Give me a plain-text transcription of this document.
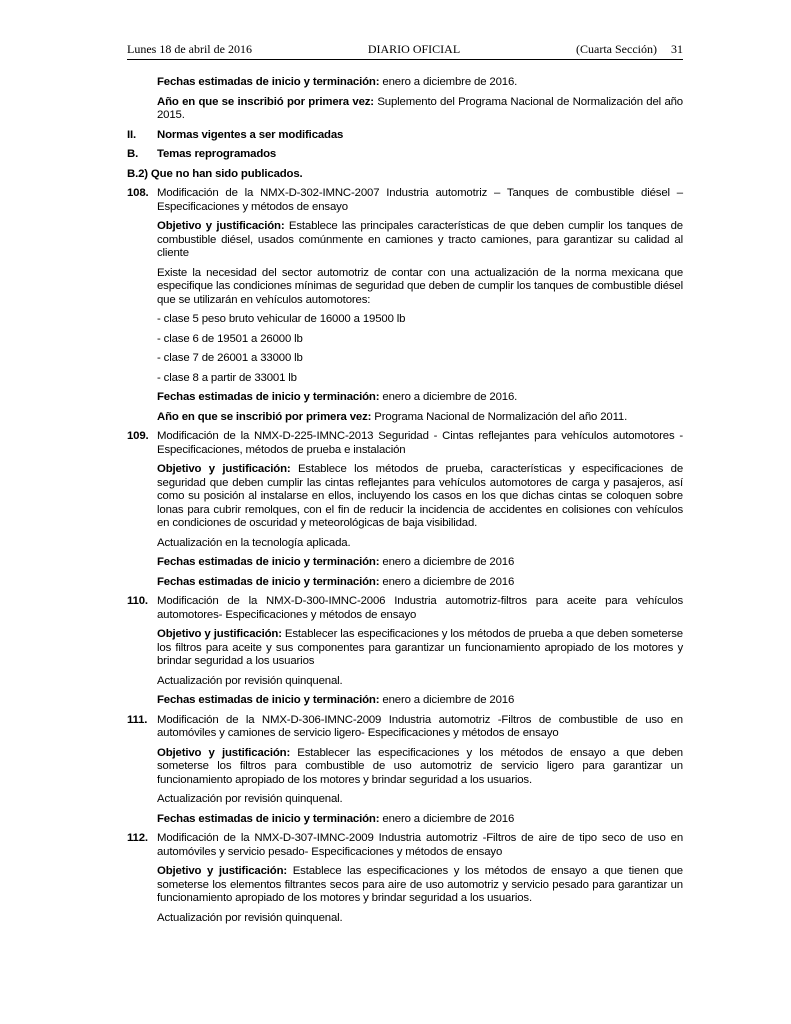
Lunes 18 de abril de 2016	DIARIO OFICIAL	(Cuarta Sección) 31

Fechas estimadas de inicio y terminación: enero a diciembre de 2016.

Año en que se inscribió por primera vez: Suplemento del Programa Nacional de Normalización del año 2015.

II.	Normas vigentes a ser modificadas
B.	Temas reprogramados

B.2) Que no han sido publicados.

108. Modificación de la NMX-D-302-IMNC-2007 Industria automotriz – Tanques de combustible diésel – Especificaciones y métodos de ensayo

Objetivo y justificación: Establece las principales características de que deben cumplir los tanques de combustible diésel, usados comúnmente en camiones y tracto camiones, para garantizar su calidad al cliente

Existe la necesidad del sector automotriz de contar con una actualización de la norma mexicana que especifique las condiciones mínimas de seguridad que deben de cumplir los tanques de combustible diésel que se utilizarán en vehículos automotores:

- clase 5 peso bruto vehicular de 16000 a 19500 lb

- clase 6 de 19501 a 26000 lb

- clase 7 de 26001 a 33000 lb

- clase 8 a partir de 33001 lb

Fechas estimadas de inicio y terminación: enero a diciembre de 2016.

Año en que se inscribió por primera vez: Programa Nacional de Normalización del año 2011.

109. Modificación de la NMX-D-225-IMNC-2013 Seguridad - Cintas reflejantes para vehículos automotores - Especificaciones, métodos de prueba e instalación

Objetivo y justificación: Establece los métodos de prueba, características y especificaciones de seguridad que deben cumplir las cintas reflejantes para vehículos automotores de carga y pasajeros, así como su posición al instalarse en ellos, incluyendo los casos en los que dichas cintas se coloquen sobre lonas para cubrir remolques, con el fin de reducir la incidencia de accidentes en colisiones con vehículos en condiciones de oscuridad y meteorológicas de baja visibilidad.

Actualización en la tecnología aplicada.

Fechas estimadas de inicio y terminación: enero a diciembre de 2016

Fechas estimadas de inicio y terminación: enero a diciembre de 2016

110. Modificación de la NMX-D-300-IMNC-2006 Industria automotriz-filtros para aceite para vehículos automotores- Especificaciones y métodos de ensayo

Objetivo y justificación: Establecer las especificaciones y los métodos de prueba a que deben someterse los filtros para aceite y sus componentes para garantizar un funcionamiento apropiado de los motores y brindar seguridad a los usuarios

Actualización por revisión quinquenal.

Fechas estimadas de inicio y terminación: enero a diciembre de 2016

111. Modificación de la NMX-D-306-IMNC-2009 Industria automotriz -Filtros de combustible de uso en automóviles y camiones de servicio ligero- Especificaciones y métodos de ensayo

Objetivo y justificación: Establecer las especificaciones y los métodos de ensayo a que deben someterse los filtros para combustible de uso automotriz de servicio ligero para garantizar un funcionamiento apropiado de los motores y brindar seguridad a los usuarios.

Actualización por revisión quinquenal.

Fechas estimadas de inicio y terminación: enero a diciembre de 2016

112. Modificación de la NMX-D-307-IMNC-2009 Industria automotriz -Filtros de aire de tipo seco de uso en automóviles y servicio pesado- Especificaciones y métodos de ensayo

Objetivo y justificación: Establece las especificaciones y los métodos de ensayo a que tienen que someterse los elementos filtrantes secos para aire de uso automotriz y servicio pesado para garantizar un funcionamiento apropiado de los motores y brindar seguridad a los usuarios.

Actualización por revisión quinquenal.
